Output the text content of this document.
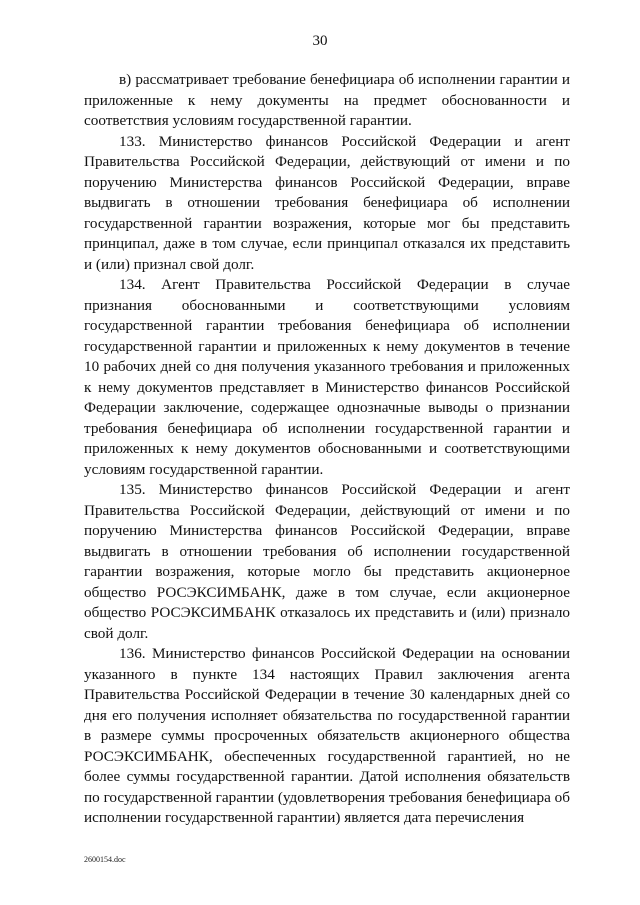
30

в) рассматривает требование бенефициара об исполнении гарантии и приложенные к нему документы на предмет обоснованности и соответствия условиям государственной гарантии.

133. Министерство финансов Российской Федерации и агент Правительства Российской Федерации, действующий от имени и по поручению Министерства финансов Российской Федерации, вправе выдвигать в отношении требования бенефициара об исполнении государственной гарантии возражения, которые мог бы представить принципал, даже в том случае, если принципал отказался их представить и (или) признал свой долг.

134. Агент Правительства Российской Федерации в случае признания обоснованными и соответствующими условиям государственной гарантии требования бенефициара об исполнении государственной гарантии и приложенных к нему документов в течение 10 рабочих дней со дня получения указанного требования и приложенных к нему документов представляет в Министерство финансов Российской Федерации заключение, содержащее однозначные выводы о признании требования бенефициара об исполнении государственной гарантии и приложенных к нему документов обоснованными и соответствующими условиям государственной гарантии.

135. Министерство финансов Российской Федерации и агент Правительства Российской Федерации, действующий от имени и по поручению Министерства финансов Российской Федерации, вправе выдвигать в отношении требования об исполнении государственной гарантии возражения, которые могло бы представить акционерное общество РОСЭКСИМБАНК, даже в том случае, если акционерное общество РОСЭКСИМБАНК отказалось их представить и (или) признало свой долг.

136. Министерство финансов Российской Федерации на основании указанного в пункте 134 настоящих Правил заключения агента Правительства Российской Федерации в течение 30 календарных дней со дня его получения исполняет обязательства по государственной гарантии в размере суммы просроченных обязательств акционерного общества РОСЭКСИМБАНК, обеспеченных государственной гарантией, но не более суммы государственной гарантии. Датой исполнения обязательств по государственной гарантии (удовлетворения требования бенефициара об исполнении государственной гарантии) является дата перечисления

2600154.doc
